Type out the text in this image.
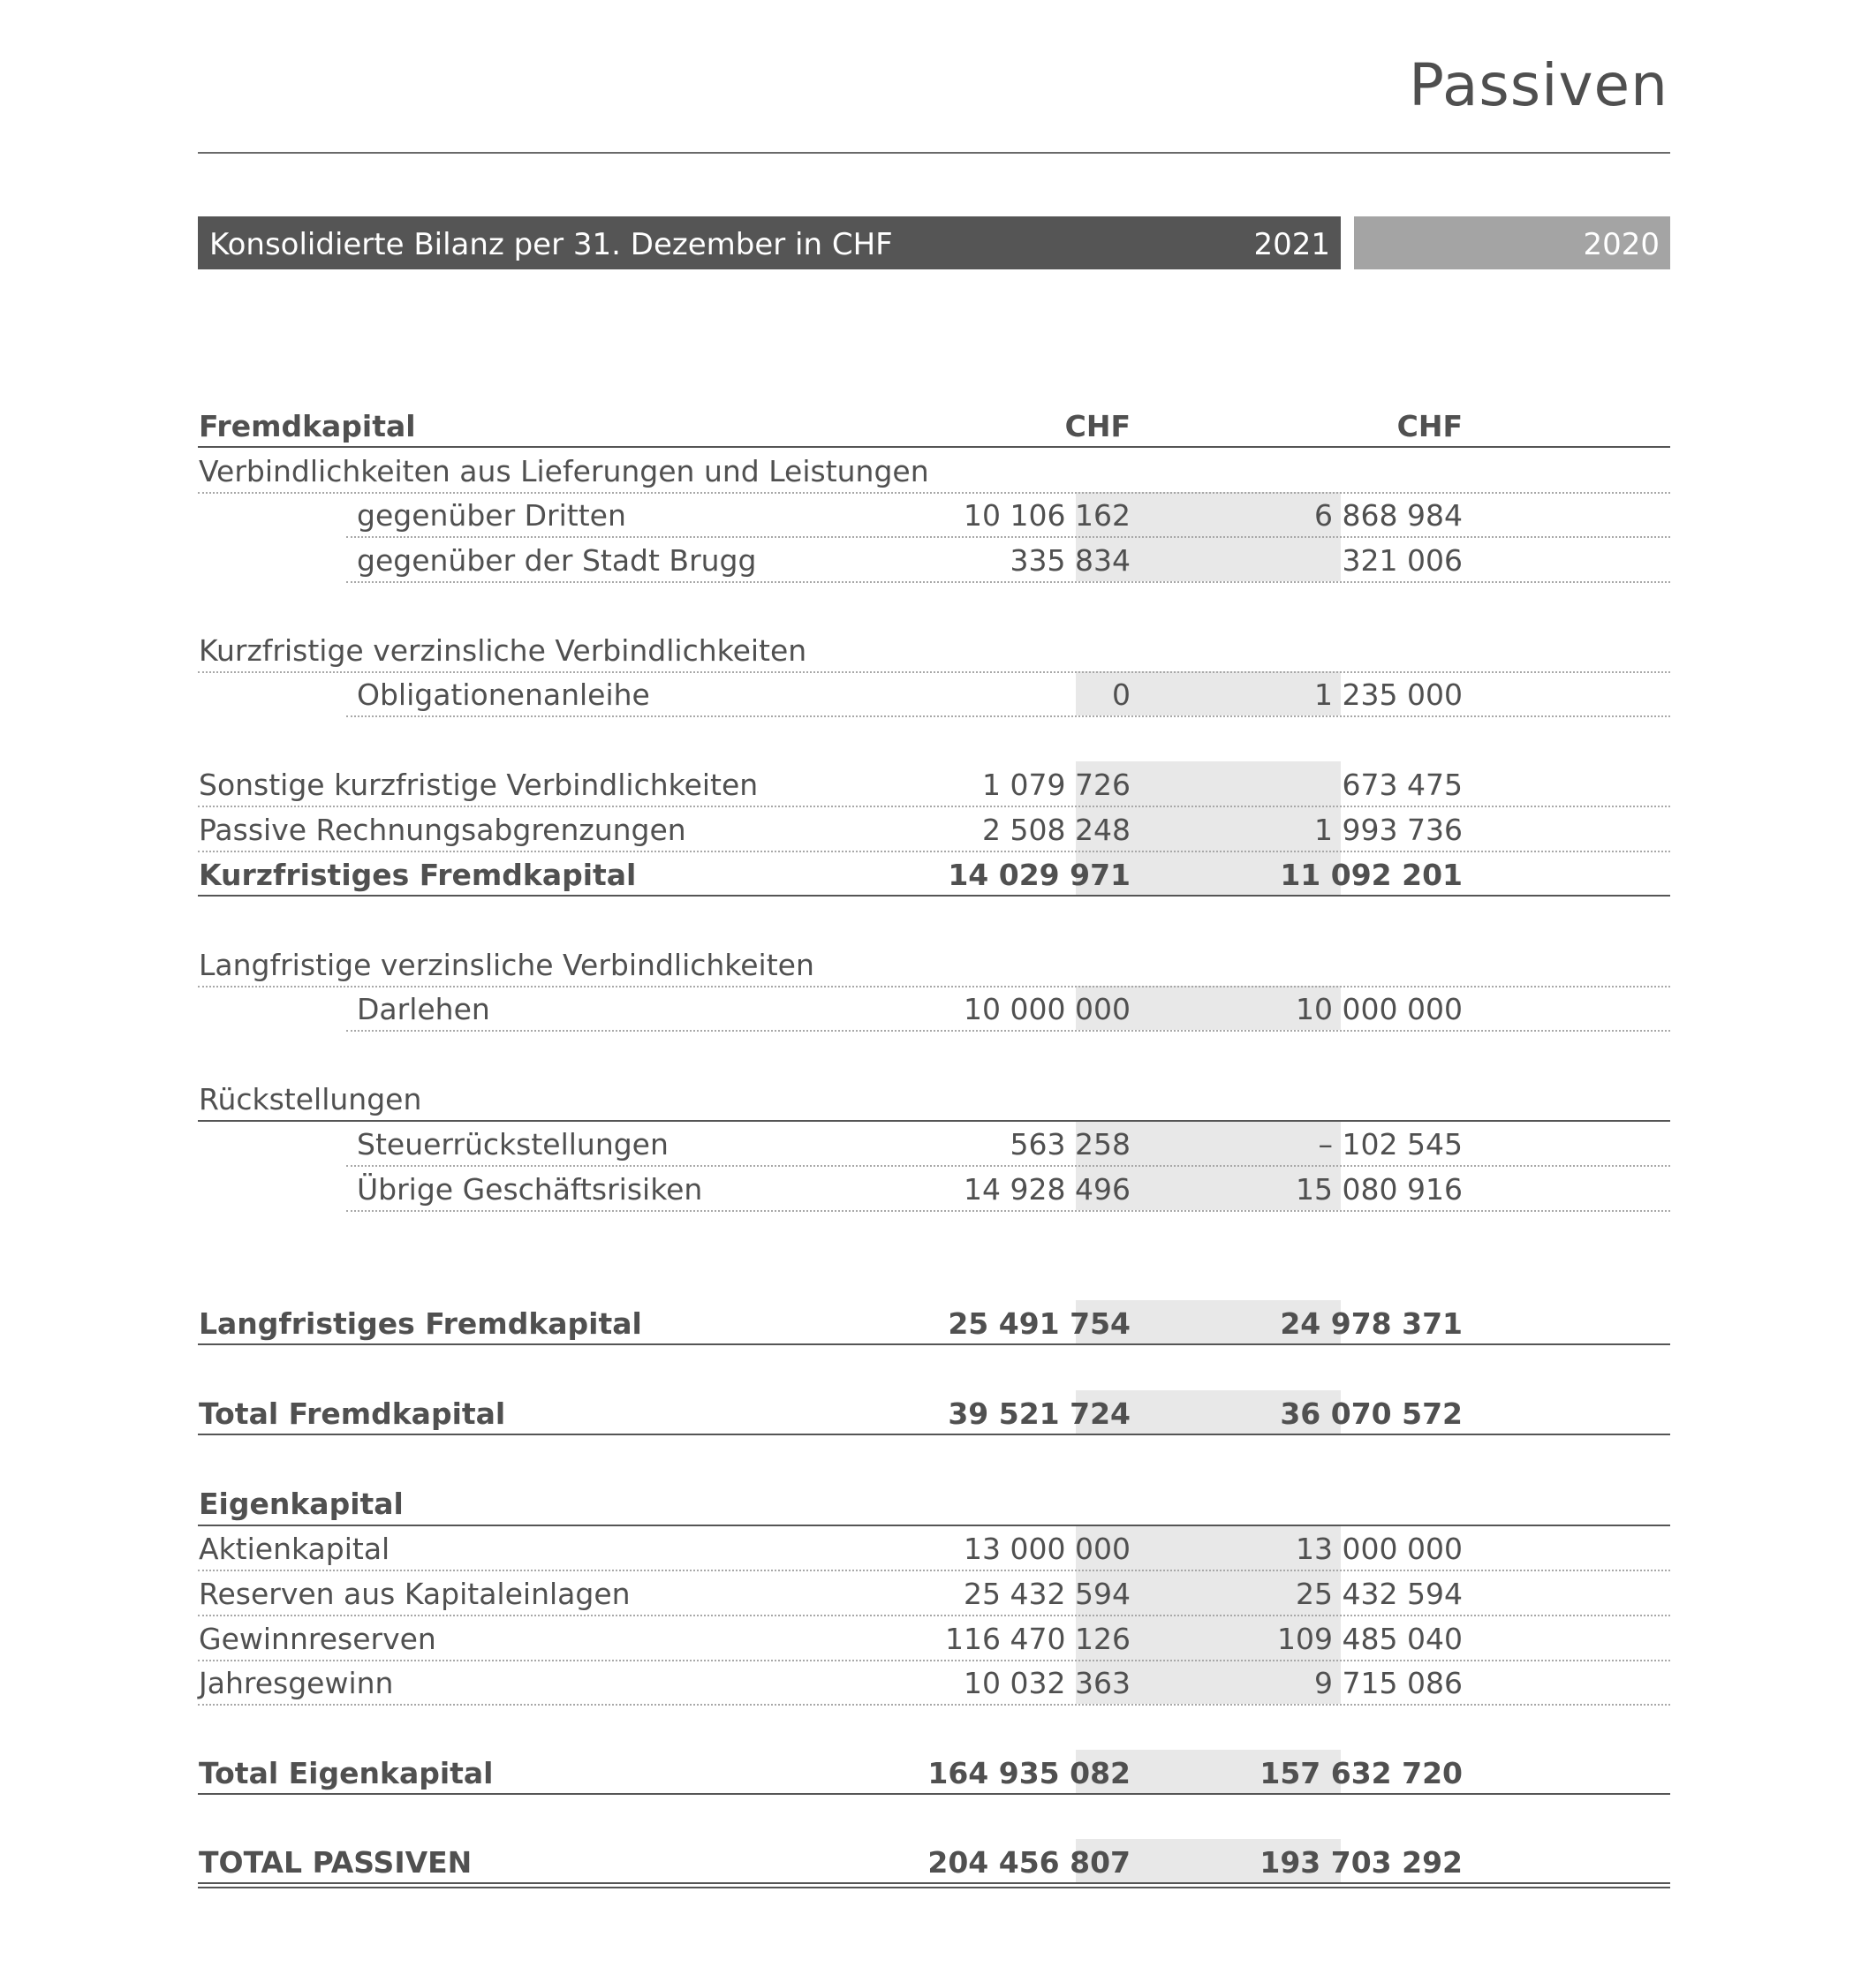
Passiven
Konsolidierte Bilanz per 31. Dezember in CHF	2021	2020
Fremdkapital	CHF	CHF
Verbindlichkeiten aus Lieferungen und Leistungen
gegenüber Dritten	10 106 162	6 868 984
gegenüber der Stadt Brugg	335 834	321 006
Kurzfristige verzinsliche Verbindlichkeiten
Obligationenanleihe	0	1 235 000
Sonstige kurzfristige Verbindlichkeiten	1 079 726	673 475
Passive Rechnungsabgrenzungen	2 508 248	1 993 736
Kurzfristiges Fremdkapital	14 029 971	11 092 201
Langfristige verzinsliche Verbindlichkeiten
Darlehen	10 000 000	10 000 000
Rückstellungen
Steuerrückstellungen	563 258	– 102 545
Übrige Geschäftsrisiken	14 928 496	15 080 916
Langfristiges Fremdkapital	25 491 754	24 978 371
Total Fremdkapital	39 521 724	36 070 572
Eigenkapital
Aktienkapital	13 000 000	13 000 000
Reserven aus Kapitaleinlagen	25 432 594	25 432 594
Gewinnreserven	116 470 126	109 485 040
Jahresgewinn	10 032 363	9 715 086
Total Eigenkapital	164 935 082	157 632 720
TOTAL PASSIVEN	204 456 807	193 703 292
